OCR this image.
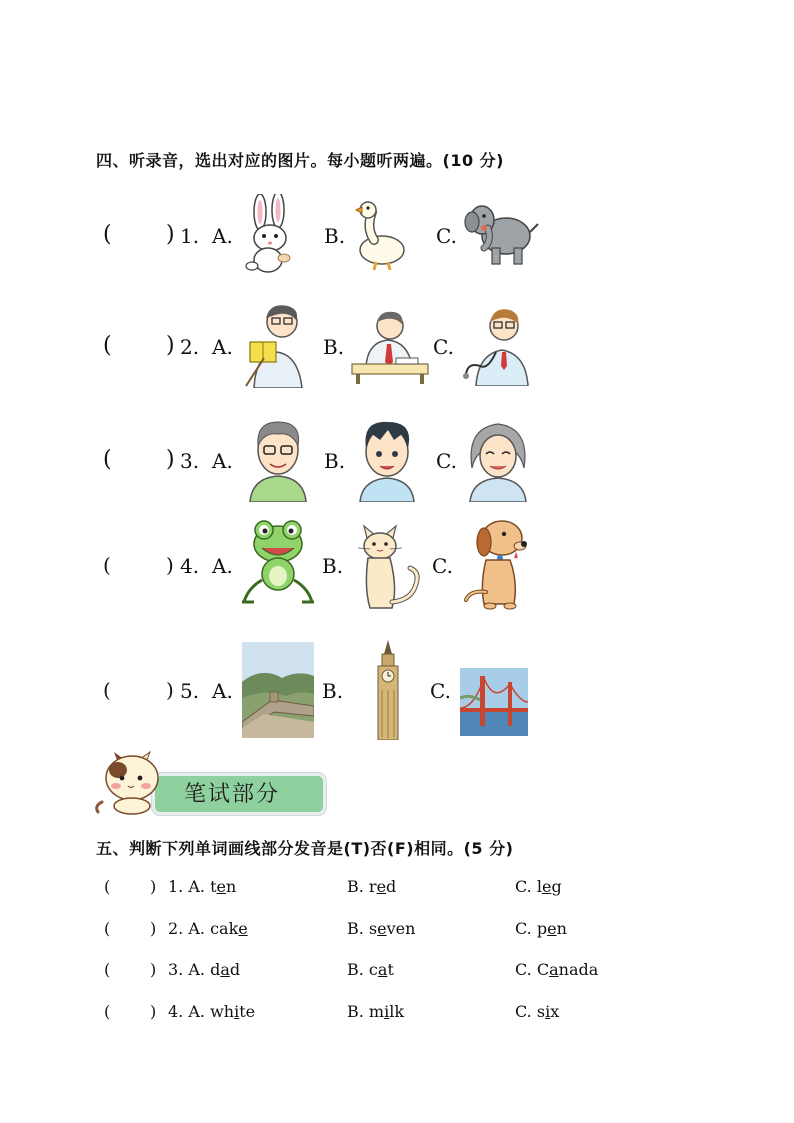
四、听录音，选出对应的图片。每小题听两遍。(10 分)
( ) 1. A.	B.	C.
( ) 2. A.	B.	C.
( ) 3. A.	B.	C.
(	) 4. A.	B.	C.
(	) 5. A.	B.	C.
笔试部分
五、判断下列单词画线部分发音是(T)否(F)相同。(5 分)
( ) 1. A. ten	B. red	C. leg
( ) 2. A. cake	B. seven	C. pen
( ) 3. A. dad	B. cat	C. Canada
( ) 4. A. white	B. milk	C. six
